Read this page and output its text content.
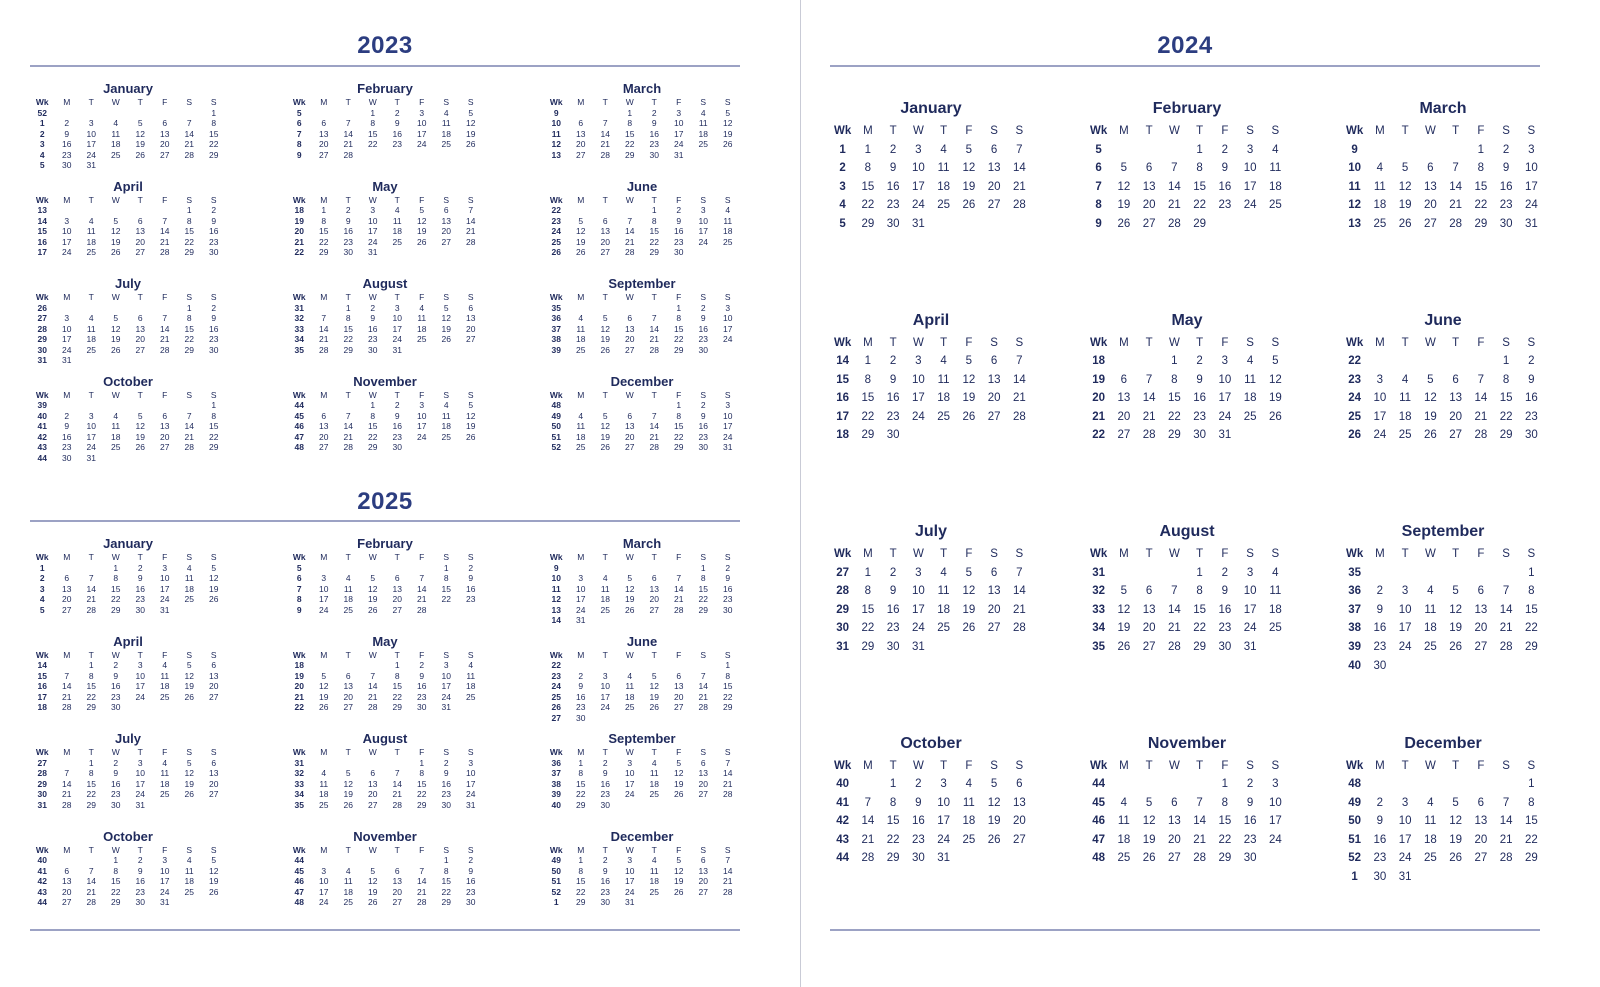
2023
January
Wk	M	T	W	T	F	S	S
52							1
1	2	3	4	5	6	7	8
2	9	10	11	12	13	14	15
3	16	17	18	19	20	21	22
4	23	24	25	26	27	28	29
5	30	31					
February
Wk	M	T	W	T	F	S	S
5			1	2	3	4	5
6	6	7	8	9	10	11	12
7	13	14	15	16	17	18	19
8	20	21	22	23	24	25	26
9	27	28					
March
Wk	M	T	W	T	F	S	S
9			1	2	3	4	5
10	6	7	8	9	10	11	12
11	13	14	15	16	17	18	19
12	20	21	22	23	24	25	26
13	27	28	29	30	31		
April
Wk	M	T	W	T	F	S	S
13						1	2
14	3	4	5	6	7	8	9
15	10	11	12	13	14	15	16
16	17	18	19	20	21	22	23
17	24	25	26	27	28	29	30
May
Wk	M	T	W	T	F	S	S
18	1	2	3	4	5	6	7
19	8	9	10	11	12	13	14
20	15	16	17	18	19	20	21
21	22	23	24	25	26	27	28
22	29	30	31				
June
Wk	M	T	W	T	F	S	S
22				1	2	3	4
23	5	6	7	8	9	10	11
24	12	13	14	15	16	17	18
25	19	20	21	22	23	24	25
26	26	27	28	29	30		
July
Wk	M	T	W	T	F	S	S
26						1	2
27	3	4	5	6	7	8	9
28	10	11	12	13	14	15	16
29	17	18	19	20	21	22	23
30	24	25	26	27	28	29	30
31	31						
August
Wk	M	T	W	T	F	S	S
31		1	2	3	4	5	6
32	7	8	9	10	11	12	13
33	14	15	16	17	18	19	20
34	21	22	23	24	25	26	27
35	28	29	30	31			
September
Wk	M	T	W	T	F	S	S
35					1	2	3
36	4	5	6	7	8	9	10
37	11	12	13	14	15	16	17
38	18	19	20	21	22	23	24
39	25	26	27	28	29	30	
October
Wk	M	T	W	T	F	S	S
39							1
40	2	3	4	5	6	7	8
41	9	10	11	12	13	14	15
42	16	17	18	19	20	21	22
43	23	24	25	26	27	28	29
44	30	31					
November
Wk	M	T	W	T	F	S	S
44			1	2	3	4	5
45	6	7	8	9	10	11	12
46	13	14	15	16	17	18	19
47	20	21	22	23	24	25	26
48	27	28	29	30			
December
Wk	M	T	W	T	F	S	S
48					1	2	3
49	4	5	6	7	8	9	10
50	11	12	13	14	15	16	17
51	18	19	20	21	22	23	24
52	25	26	27	28	29	30	31
2025
January
Wk	M	T	W	T	F	S	S
1			1	2	3	4	5
2	6	7	8	9	10	11	12
3	13	14	15	16	17	18	19
4	20	21	22	23	24	25	26
5	27	28	29	30	31		
February
Wk	M	T	W	T	F	S	S
5						1	2
6	3	4	5	6	7	8	9
7	10	11	12	13	14	15	16
8	17	18	19	20	21	22	23
9	24	25	26	27	28		
March
Wk	M	T	W	T	F	S	S
9						1	2
10	3	4	5	6	7	8	9
11	10	11	12	13	14	15	16
12	17	18	19	20	21	22	23
13	24	25	26	27	28	29	30
14	31						
April
Wk	M	T	W	T	F	S	S
14		1	2	3	4	5	6
15	7	8	9	10	11	12	13
16	14	15	16	17	18	19	20
17	21	22	23	24	25	26	27
18	28	29	30				
May
Wk	M	T	W	T	F	S	S
18				1	2	3	4
19	5	6	7	8	9	10	11
20	12	13	14	15	16	17	18
21	19	20	21	22	23	24	25
22	26	27	28	29	30	31	
June
Wk	M	T	W	T	F	S	S
22							1
23	2	3	4	5	6	7	8
24	9	10	11	12	13	14	15
25	16	17	18	19	20	21	22
26	23	24	25	26	27	28	29
27	30						
July
Wk	M	T	W	T	F	S	S
27		1	2	3	4	5	6
28	7	8	9	10	11	12	13
29	14	15	16	17	18	19	20
30	21	22	23	24	25	26	27
31	28	29	30	31			
August
Wk	M	T	W	T	F	S	S
31					1	2	3
32	4	5	6	7	8	9	10
33	11	12	13	14	15	16	17
34	18	19	20	21	22	23	24
35	25	26	27	28	29	30	31
September
Wk	M	T	W	T	F	S	S
36	1	2	3	4	5	6	7
37	8	9	10	11	12	13	14
38	15	16	17	18	19	20	21
39	22	23	24	25	26	27	28
40	29	30					
October
Wk	M	T	W	T	F	S	S
40			1	2	3	4	5
41	6	7	8	9	10	11	12
42	13	14	15	16	17	18	19
43	20	21	22	23	24	25	26
44	27	28	29	30	31		
November
Wk	M	T	W	T	F	S	S
44						1	2
45	3	4	5	6	7	8	9
46	10	11	12	13	14	15	16
47	17	18	19	20	21	22	23
48	24	25	26	27	28	29	30
December
Wk	M	T	W	T	F	S	S
49	1	2	3	4	5	6	7
50	8	9	10	11	12	13	14
51	15	16	17	18	19	20	21
52	22	23	24	25	26	27	28
1	29	30	31				
2024
January
Wk	M	T	W	T	F	S	S
1	1	2	3	4	5	6	7
2	8	9	10	11	12	13	14
3	15	16	17	18	19	20	21
4	22	23	24	25	26	27	28
5	29	30	31				
February
Wk	M	T	W	T	F	S	S
5				1	2	3	4
6	5	6	7	8	9	10	11
7	12	13	14	15	16	17	18
8	19	20	21	22	23	24	25
9	26	27	28	29			
March
Wk	M	T	W	T	F	S	S
9					1	2	3
10	4	5	6	7	8	9	10
11	11	12	13	14	15	16	17
12	18	19	20	21	22	23	24
13	25	26	27	28	29	30	31
April
Wk	M	T	W	T	F	S	S
14	1	2	3	4	5	6	7
15	8	9	10	11	12	13	14
16	15	16	17	18	19	20	21
17	22	23	24	25	26	27	28
18	29	30					
May
Wk	M	T	W	T	F	S	S
18			1	2	3	4	5
19	6	7	8	9	10	11	12
20	13	14	15	16	17	18	19
21	20	21	22	23	24	25	26
22	27	28	29	30	31		
June
Wk	M	T	W	T	F	S	S
22						1	2
23	3	4	5	6	7	8	9
24	10	11	12	13	14	15	16
25	17	18	19	20	21	22	23
26	24	25	26	27	28	29	30
July
Wk	M	T	W	T	F	S	S
27	1	2	3	4	5	6	7
28	8	9	10	11	12	13	14
29	15	16	17	18	19	20	21
30	22	23	24	25	26	27	28
31	29	30	31				
August
Wk	M	T	W	T	F	S	S
31				1	2	3	4
32	5	6	7	8	9	10	11
33	12	13	14	15	16	17	18
34	19	20	21	22	23	24	25
35	26	27	28	29	30	31	
September
Wk	M	T	W	T	F	S	S
35							1
36	2	3	4	5	6	7	8
37	9	10	11	12	13	14	15
38	16	17	18	19	20	21	22
39	23	24	25	26	27	28	29
40	30						
October
Wk	M	T	W	T	F	S	S
40		1	2	3	4	5	6
41	7	8	9	10	11	12	13
42	14	15	16	17	18	19	20
43	21	22	23	24	25	26	27
44	28	29	30	31			
November
Wk	M	T	W	T	F	S	S
44					1	2	3
45	4	5	6	7	8	9	10
46	11	12	13	14	15	16	17
47	18	19	20	21	22	23	24
48	25	26	27	28	29	30	
December
Wk	M	T	W	T	F	S	S
48							1
49	2	3	4	5	6	7	8
50	9	10	11	12	13	14	15
51	16	17	18	19	20	21	22
52	23	24	25	26	27	28	29
1	30	31					
